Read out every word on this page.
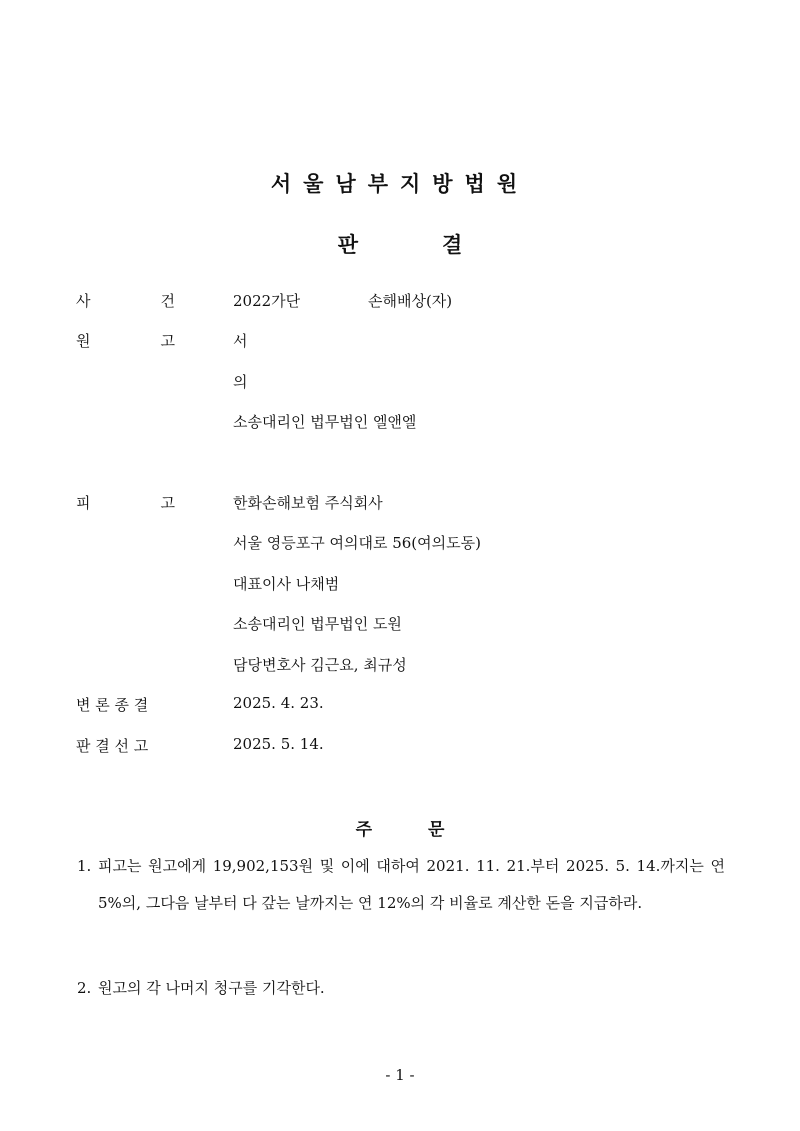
서울남부지방법원
판	결
사	건	2022가단	손해배상(자)
원	고	서
의
소송대리인 법무법인 엘앤엘
피	고	한화손해보험 주식회사
서울 영등포구 여의대로 56(여의도동)
대표이사 나채범
소송대리인 법무법인 도원
담당변호사 김근요, 최규성
변 론 종 결	2025. 4. 23.
판 결 선 고	2025. 5. 14.
주	문
1. 피고는 원고에게 19,902,153원 및 이에 대하여 2021. 11. 21.부터 2025. 5. 14.까지는 연 5%의, 그다음 날부터 다 갚는 날까지는 연 12%의 각 비율로 계산한 돈을 지급하라.
2. 원고의 각 나머지 청구를 기각한다.
- 1 -
